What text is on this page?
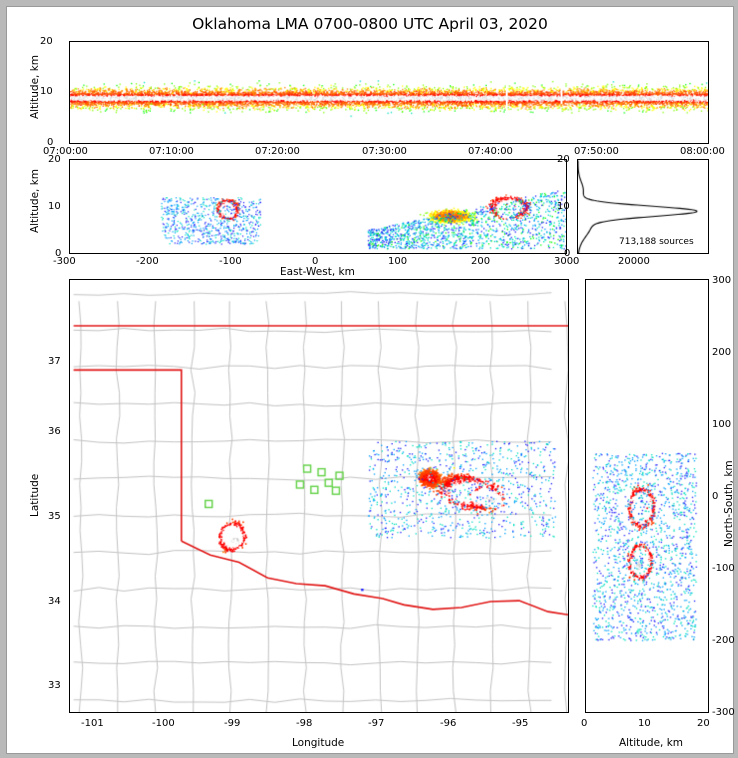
Oklahoma LMA 0700-0800 UTC April 03, 2020
Altitude, km
0
10
20
07:00:00	07:10:00	07:20:00	07:30:00	07:40:00	07:50:00	08:00:00
Altitude, km
0
10
20
-300	-200	-100	0	100	200	300
East-West, km
0
10
20
0	20000
713,188 sources
Latitude
Longitude
33
34
35
36
37
-101	-100	-99	-98	-97	-96	-95
North-South, km
Altitude, km
-300
-200
-100
0
100
200
300
0	10	20
